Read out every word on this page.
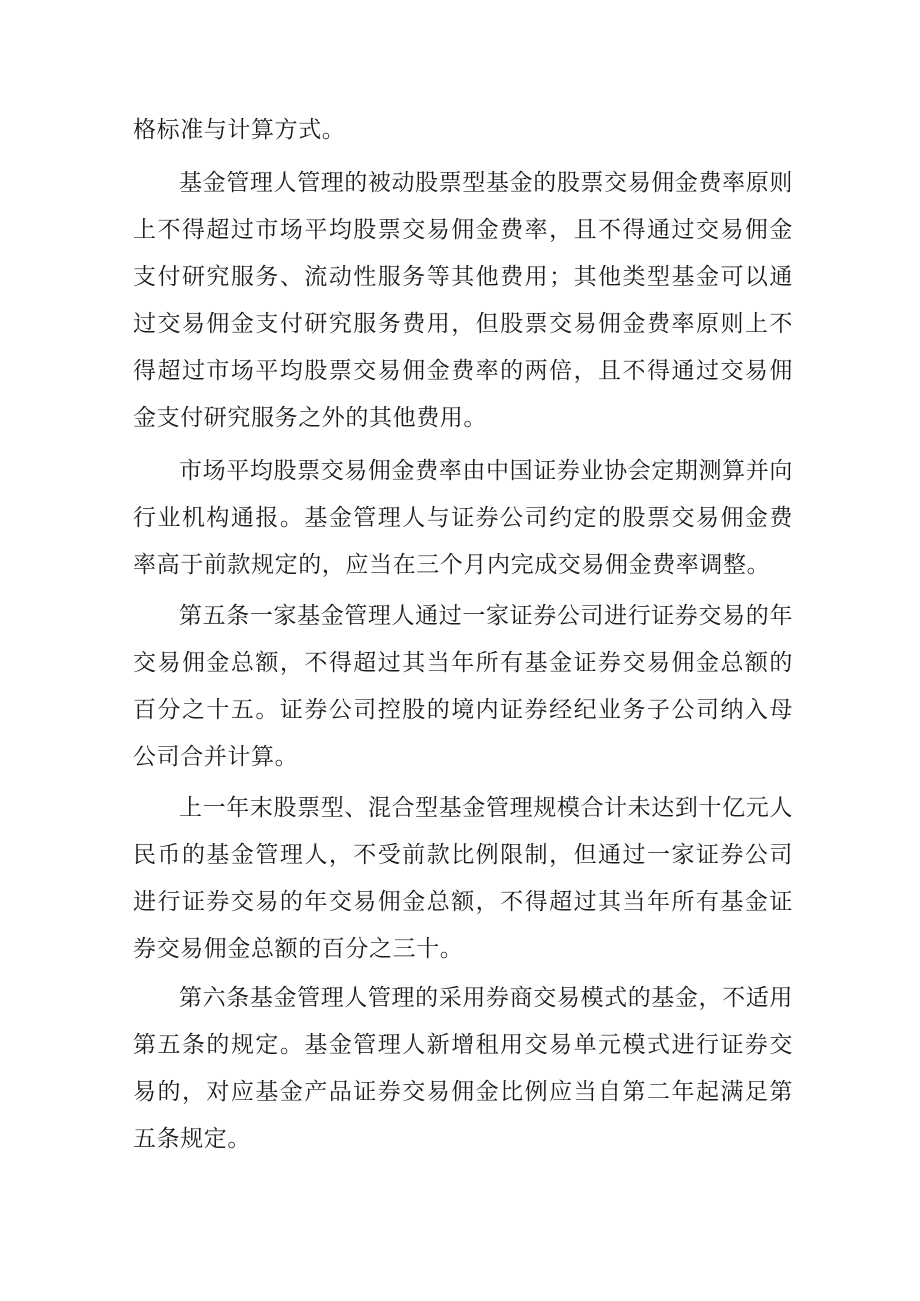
格标准与计算方式。

基金管理人管理的被动股票型基金的股票交易佣金费率原则上不得超过市场平均股票交易佣金费率，且不得通过交易佣金支付研究服务、流动性服务等其他费用；其他类型基金可以通过交易佣金支付研究服务费用，但股票交易佣金费率原则上不得超过市场平均股票交易佣金费率的两倍，且不得通过交易佣金支付研究服务之外的其他费用。

市场平均股票交易佣金费率由中国证券业协会定期测算并向行业机构通报。基金管理人与证券公司约定的股票交易佣金费率高于前款规定的，应当在三个月内完成交易佣金费率调整。

第五条一家基金管理人通过一家证券公司进行证券交易的年交易佣金总额，不得超过其当年所有基金证券交易佣金总额的百分之十五。证券公司控股的境内证券经纪业务子公司纳入母公司合并计算。

上一年末股票型、混合型基金管理规模合计未达到十亿元人民币的基金管理人，不受前款比例限制，但通过一家证券公司进行证券交易的年交易佣金总额，不得超过其当年所有基金证券交易佣金总额的百分之三十。

第六条基金管理人管理的采用券商交易模式的基金，不适用第五条的规定。基金管理人新增租用交易单元模式进行证券交易的，对应基金产品证券交易佣金比例应当自第二年起满足第五条规定。
